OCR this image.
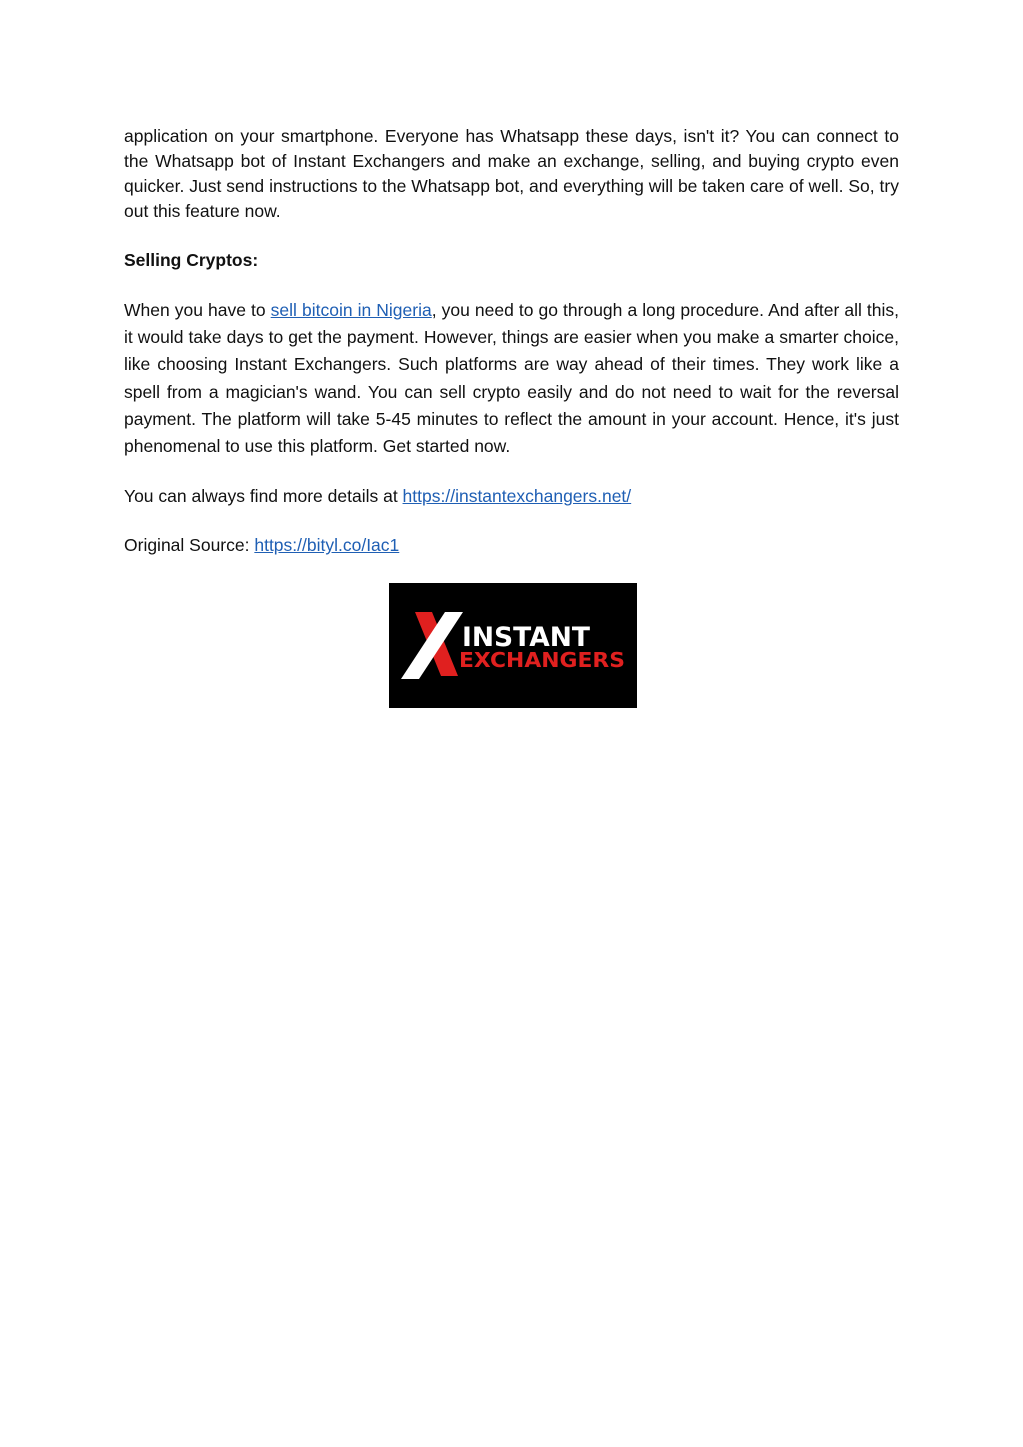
application on your smartphone. Everyone has Whatsapp these days, isn't it? You can connect to the Whatsapp bot of Instant Exchangers and make an exchange, selling, and buying crypto even quicker. Just send instructions to the Whatsapp bot, and everything will be taken care of well. So, try out this feature now.

Selling Cryptos:

When you have to sell bitcoin in Nigeria, you need to go through a long procedure. And after all this, it would take days to get the payment. However, things are easier when you make a smarter choice, like choosing Instant Exchangers. Such platforms are way ahead of their times. They work like a spell from a magician's wand. You can sell crypto easily and do not need to wait for the reversal payment. The platform will take 5-45 minutes to reflect the amount in your account. Hence, it's just phenomenal to use this platform. Get started now.

You can always find more details at https://instantexchangers.net/

Original Source: https://bityl.co/Iac1

INSTANT
EXCHANGERS
